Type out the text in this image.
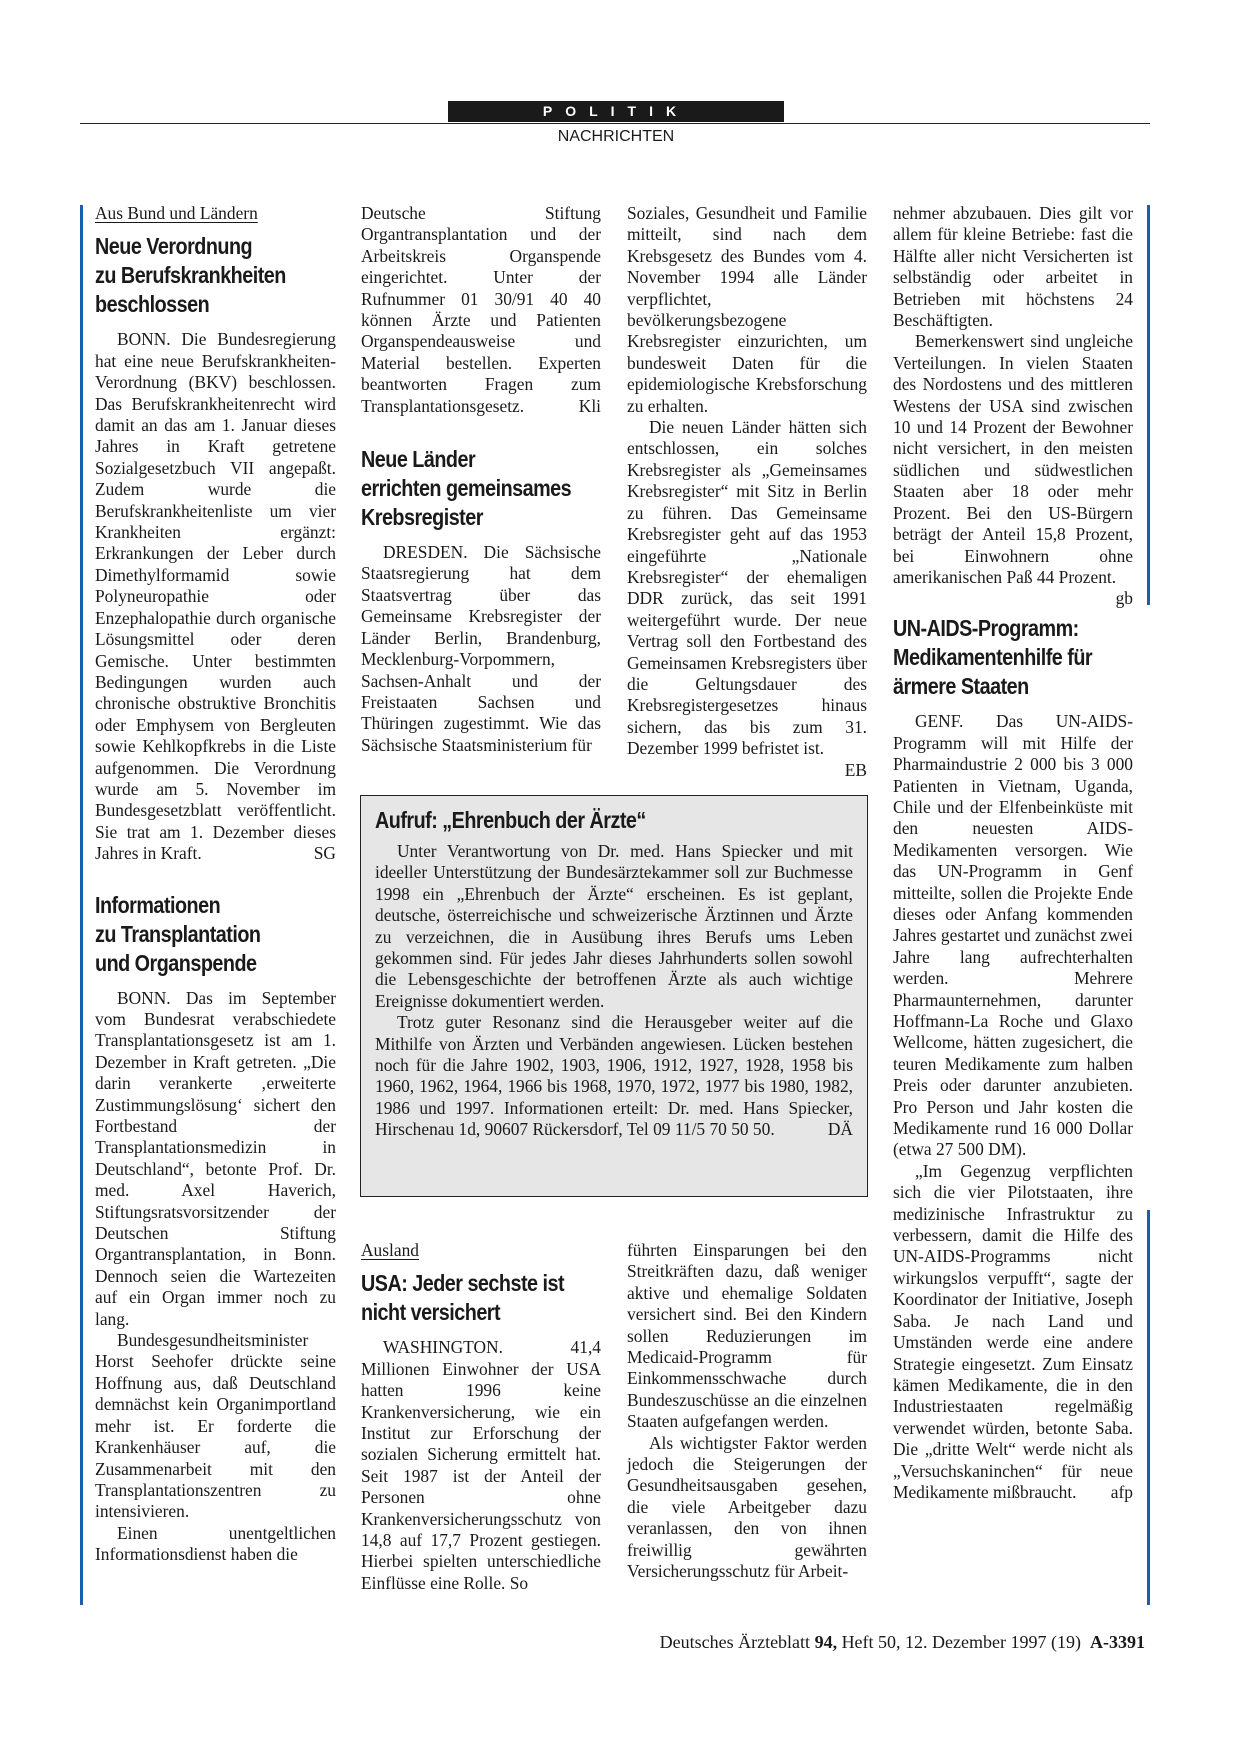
POLITIK
NACHRICHTEN
Aus Bund und Ländern
Neue Verordnung
zu Berufskrankheiten
beschlossen

BONN. Die Bundesregierung hat eine neue Berufskrankheiten-Verordnung (BKV) beschlossen. Das Berufskrankheitenrecht wird damit an das am 1. Januar dieses Jahres in Kraft getretene Sozialgesetzbuch VII angepaßt. Zudem wurde die Berufskrankheitenliste um vier Krankheiten ergänzt: Erkrankungen der Leber durch Dimethylformamid sowie Polyneuropathie oder Enzephalopathie durch organische Lösungsmittel oder deren Gemische. Unter bestimmten Bedingungen wurden auch chronische obstruktive Bronchitis oder Emphysem von Bergleuten sowie Kehlkopfkrebs in die Liste aufgenommen. Die Verordnung wurde am 5. November im Bundesgesetzblatt veröffentlicht. Sie trat am 1. Dezember dieses Jahres in Kraft.	SG

Informationen
zu Transplantation
und Organspende

BONN. Das im September vom Bundesrat verabschiedete Transplantationsgesetz ist am 1. Dezember in Kraft getreten. „Die darin verankerte ‚erweiterte Zustimmungslösung‘ sichert den Fortbestand der Transplantationsmedizin in Deutschland“, betonte Prof. Dr. med. Axel Haverich, Stiftungsratsvorsitzender der Deutschen Stiftung Organtransplantation, in Bonn. Dennoch seien die Wartezeiten auf ein Organ immer noch zu lang.

Bundesgesundheitsminister Horst Seehofer drückte seine Hoffnung aus, daß Deutschland demnächst kein Organimportland mehr ist. Er forderte die Krankenhäuser auf, die Zusammenarbeit mit den Transplantationszentren zu intensivieren.

Einen unentgeltlichen Informationsdienst haben die

Deutsche Stiftung Organtransplantation und der Arbeitskreis Organspende eingerichtet. Unter der Rufnummer 01 30/91 40 40 können Ärzte und Patienten Organspendeausweise und Material bestellen. Experten beantworten Fragen zum Transplantationsgesetz.	Kli

Neue Länder
errichten gemeinsames
Krebsregister

DRESDEN. Die Sächsische Staatsregierung hat dem Staatsvertrag über das Gemeinsame Krebsregister der Länder Berlin, Brandenburg, Mecklenburg-Vorpommern, Sachsen-Anhalt und der Freistaaten Sachsen und Thüringen zugestimmt. Wie das Sächsische Staatsministerium für

Soziales, Gesundheit und Familie mitteilt, sind nach dem Krebsgesetz des Bundes vom 4. November 1994 alle Länder verpflichtet, bevölkerungsbezogene Krebsregister einzurichten, um bundesweit Daten für die epidemiologische Krebsforschung zu erhalten.

Die neuen Länder hätten sich entschlossen, ein solches Krebsregister als „Gemeinsames Krebsregister“ mit Sitz in Berlin zu führen. Das Gemeinsame Krebsregister geht auf das 1953 eingeführte „Nationale Krebsregister“ der ehemaligen DDR zurück, das seit 1991 weitergeführt wurde. Der neue Vertrag soll den Fortbestand des Gemeinsamen Krebsregisters über die Geltungsdauer des Krebsregistergesetzes hinaus sichern, das bis zum 31. Dezember 1999 befristet ist.
EB

nehmer abzubauen. Dies gilt vor allem für kleine Betriebe: fast die Hälfte aller nicht Versicherten ist selbständig oder arbeitet in Betrieben mit höchstens 24 Beschäftigten.

Bemerkenswert sind ungleiche Verteilungen. In vielen Staaten des Nordostens und des mittleren Westens der USA sind zwischen 10 und 14 Prozent der Bewohner nicht versichert, in den meisten südlichen und südwestlichen Staaten aber 18 oder mehr Prozent. Bei den US-Bürgern beträgt der Anteil 15,8 Prozent, bei Einwohnern ohne amerikanischen Paß 44 Prozent.
gb

UN-AIDS-Programm:
Medikamentenhilfe für
ärmere Staaten

GENF. Das UN-AIDS-Programm will mit Hilfe der Pharmaindustrie 2 000 bis 3 000 Patienten in Vietnam, Uganda, Chile und der Elfenbeinküste mit den neuesten AIDS-Medikamenten versorgen. Wie das UN-Programm in Genf mitteilte, sollen die Projekte Ende dieses oder Anfang kommenden Jahres gestartet und zunächst zwei Jahre lang aufrechterhalten werden. Mehrere Pharmaunternehmen, darunter Hoffmann-La Roche und Glaxo Wellcome, hätten zugesichert, die teuren Medikamente zum halben Preis oder darunter anzubieten. Pro Person und Jahr kosten die Medikamente rund 16 000 Dollar (etwa 27 500 DM).

„Im Gegenzug verpflichten sich die vier Pilotstaaten, ihre medizinische Infrastruktur zu verbessern, damit die Hilfe des UN-AIDS-Programms nicht wirkungslos verpufft“, sagte der Koordinator der Initiative, Joseph Saba. Je nach Land und Umständen werde eine andere Strategie eingesetzt. Zum Einsatz kämen Medikamente, die in den Industriestaaten regelmäßig verwendet würden, betonte Saba. Die „dritte Welt“ werde nicht als „Versuchskaninchen“ für neue Medikamente mißbraucht.	afp

Aufruf: „Ehrenbuch der Ärzte“

Unter Verantwortung von Dr. med. Hans Spiecker und mit ideeller Unterstützung der Bundesärztekammer soll zur Buchmesse 1998 ein „Ehrenbuch der Ärzte“ erscheinen. Es ist geplant, deutsche, österreichische und schweizerische Ärztinnen und Ärzte zu verzeichnen, die in Ausübung ihres Berufs ums Leben gekommen sind. Für jedes Jahr dieses Jahrhunderts sollen sowohl die Lebensgeschichte der betroffenen Ärzte als auch wichtige Ereignisse dokumentiert werden.

Trotz guter Resonanz sind die Herausgeber weiter auf die Mithilfe von Ärzten und Verbänden angewiesen. Lücken bestehen noch für die Jahre 1902, 1903, 1906, 1912, 1927, 1928, 1958 bis 1960, 1962, 1964, 1966 bis 1968, 1970, 1972, 1977 bis 1980, 1982, 1986 und 1997. Informationen erteilt: Dr. med. Hans Spiecker, Hirschenau 1d, 90607 Rückersdorf, Tel 09 11/5 70 50 50.	DÄ

Ausland
USA: Jeder sechste ist
nicht versichert

WASHINGTON. 41,4 Millionen Einwohner der USA hatten 1996 keine Krankenversicherung, wie ein Institut zur Erforschung der sozialen Sicherung ermittelt hat. Seit 1987 ist der Anteil der Personen ohne Krankenversicherungsschutz von 14,8 auf 17,7 Prozent gestiegen. Hierbei spielten unterschiedliche Einflüsse eine Rolle. So

führten Einsparungen bei den Streitkräften dazu, daß weniger aktive und ehemalige Soldaten versichert sind. Bei den Kindern sollen Reduzierungen im Medicaid-Programm für Einkommensschwache durch Bundeszuschüsse an die einzelnen Staaten aufgefangen werden.

Als wichtigster Faktor werden jedoch die Steigerungen der Gesundheitsausgaben gesehen, die viele Arbeitgeber dazu veranlassen, den von ihnen freiwillig gewährten Versicherungsschutz für Arbeit-

Deutsches Ärzteblatt 94, Heft 50, 12. Dezember 1997 (19) A-3391
